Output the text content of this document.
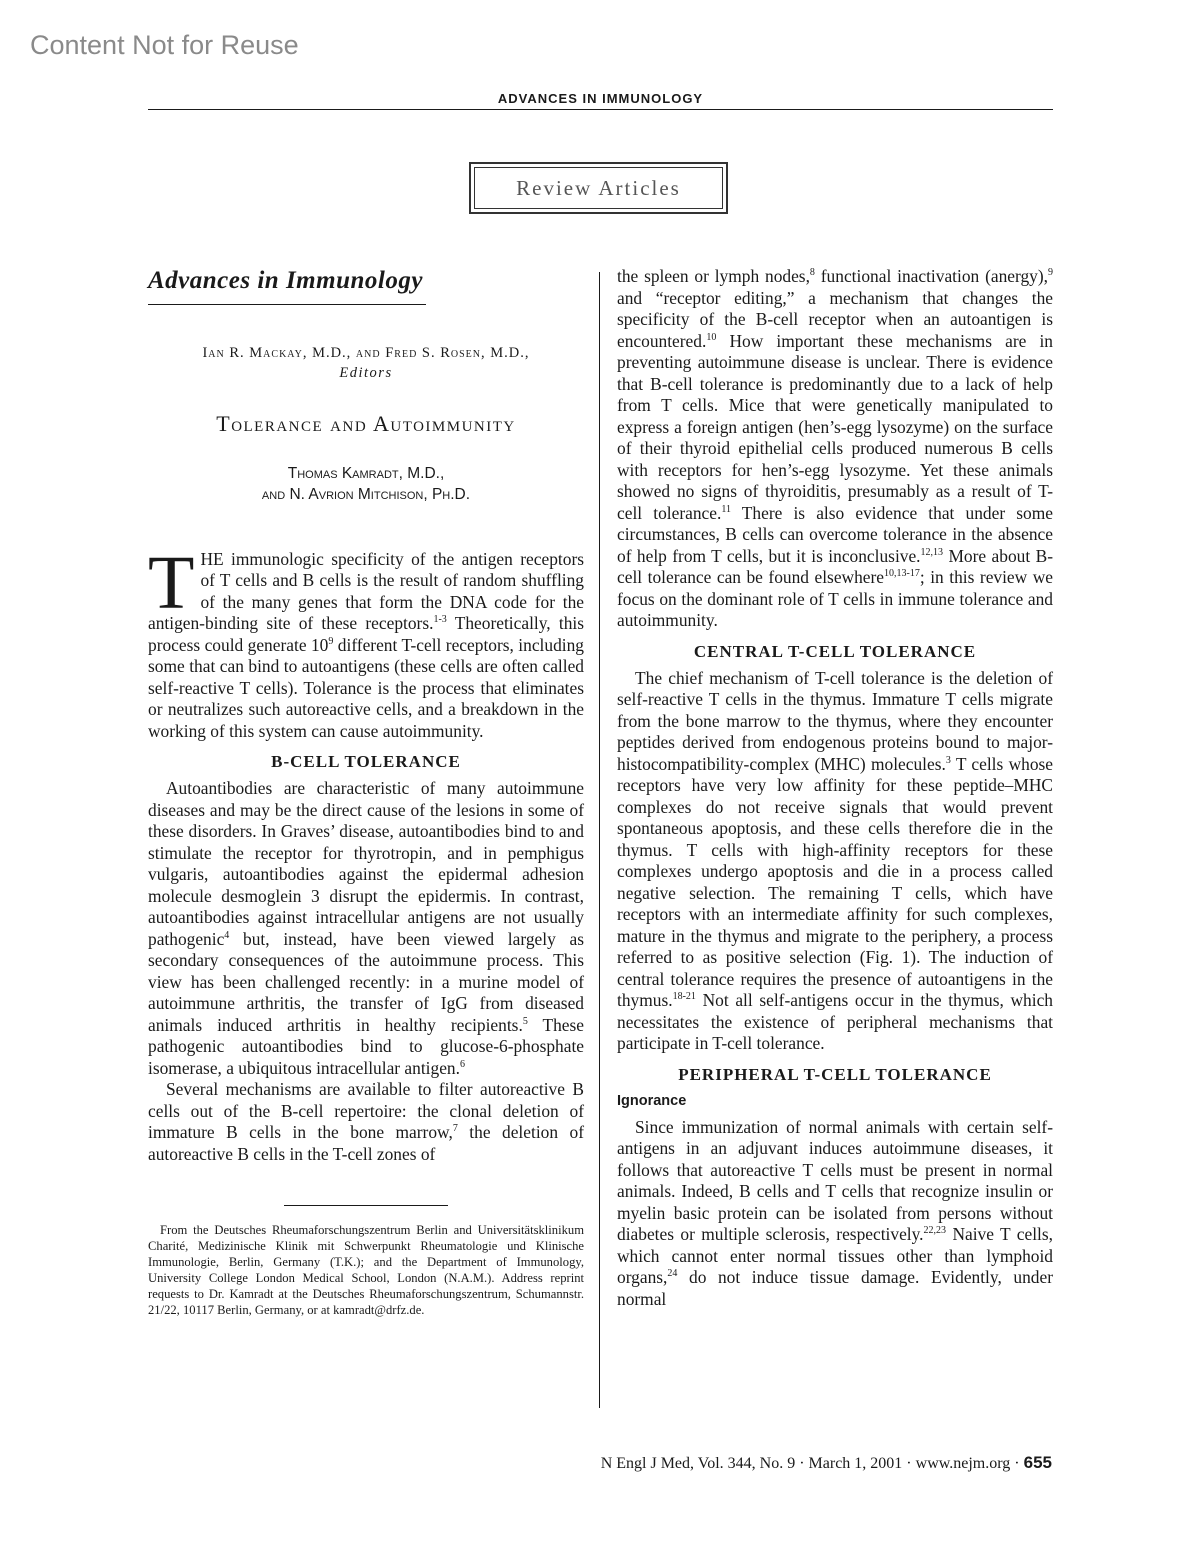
Content Not for Reuse
ADVANCES IN IMMUNOLOGY
Review Articles
Advances in Immunology
Ian R. Mackay, M.D., and Fred S. Rosen, M.D.,
Editors
Tolerance and Autoimmunity
Thomas Kamradt, M.D.,
and N. Avrion Mitchison, Ph.D.

T HE immunologic specificity of the antigen receptors of T cells and B cells is the result of random shuffling of the many genes that form the DNA code for the antigen-binding site of these receptors.$^{1-3}$ Theoretically, this process could generate $10^9$ different T-cell receptors, including some that can bind to autoantigens (these cells are often called self-reactive T cells). Tolerance is the process that eliminates or neutralizes such autoreactive cells, and a breakdown in the working of this system can cause autoimmunity.

B-CELL TOLERANCE

Autoantibodies are characteristic of many autoimmune diseases and may be the direct cause of the lesions in some of these disorders. In Graves’ disease, autoantibodies bind to and stimulate the receptor for thyrotropin, and in pemphigus vulgaris, autoantibodies against the epidermal adhesion molecule desmoglein 3 disrupt the epidermis. In contrast, autoantibodies against intracellular antigens are not usually pathogenic$^4$ but, instead, have been viewed largely as secondary consequences of the autoimmune process. This view has been challenged recently: in a murine model of autoimmune arthritis, the transfer of IgG from diseased animals induced arthritis in healthy recipients.$^5$ These pathogenic autoantibodies bind to glucose-6-phosphate isomerase, a ubiquitous intracellular antigen.$^6$

Several mechanisms are available to filter autoreactive B cells out of the B-cell repertoire: the clonal deletion of immature B cells in the bone marrow,$^7$ the deletion of autoreactive B cells in the T-cell zones of

From the Deutsches Rheumaforschungszentrum Berlin and Universitätsklinikum Charité, Medizinische Klinik mit Schwerpunkt Rheumatologie und Klinische Immunologie, Berlin, Germany (T.K.); and the Department of Immunology, University College London Medical School, London (N.A.M.). Address reprint requests to Dr. Kamradt at the Deutsches Rheumaforschungszentrum, Schumannstr. 21/22, 10117 Berlin, Germany, or at kamradt@drfz.de.

the spleen or lymph nodes,$^8$ functional inactivation (anergy),$^9$ and “receptor editing,” a mechanism that changes the specificity of the B-cell receptor when an autoantigen is encountered.$^{10}$ How important these mechanisms are in preventing autoimmune disease is unclear. There is evidence that B-cell tolerance is predominantly due to a lack of help from T cells. Mice that were genetically manipulated to express a foreign antigen (hen’s-egg lysozyme) on the surface of their thyroid epithelial cells produced numerous B cells with receptors for hen’s-egg lysozyme. Yet these animals showed no signs of thyroiditis, presumably as a result of T-cell tolerance.$^{11}$ There is also evidence that under some circumstances, B cells can overcome tolerance in the absence of help from T cells, but it is inconclusive.$^{12,13}$ More about B-cell tolerance can be found elsewhere$^{10,13-17}$; in this review we focus on the dominant role of T cells in immune tolerance and autoimmunity.

CENTRAL T-CELL TOLERANCE

The chief mechanism of T-cell tolerance is the deletion of self-reactive T cells in the thymus. Immature T cells migrate from the bone marrow to the thymus, where they encounter peptides derived from endogenous proteins bound to major-histocompatibility-complex (MHC) molecules.$^3$ T cells whose receptors have very low affinity for these peptide–MHC complexes do not receive signals that would prevent spontaneous apoptosis, and these cells therefore die in the thymus. T cells with high-affinity receptors for these complexes undergo apoptosis and die in a process called negative selection. The remaining T cells, which have receptors with an intermediate affinity for such complexes, mature in the thymus and migrate to the periphery, a process referred to as positive selection (Fig. 1). The induction of central tolerance requires the presence of autoantigens in the thymus.$^{18-21}$ Not all self-antigens occur in the thymus, which necessitates the existence of peripheral mechanisms that participate in T-cell tolerance.

PERIPHERAL T-CELL TOLERANCE
Ignorance

Since immunization of normal animals with certain self-antigens in an adjuvant induces autoimmune diseases, it follows that autoreactive T cells must be present in normal animals. Indeed, B cells and T cells that recognize insulin or myelin basic protein can be isolated from persons without diabetes or multiple sclerosis, respectively.$^{22,23}$ Naive T cells, which cannot enter normal tissues other than lymphoid organs,$^{24}$ do not induce tissue damage. Evidently, under normal

N Engl J Med, Vol. 344, No. 9 · March 1, 2001 · www.nejm.org · 655
